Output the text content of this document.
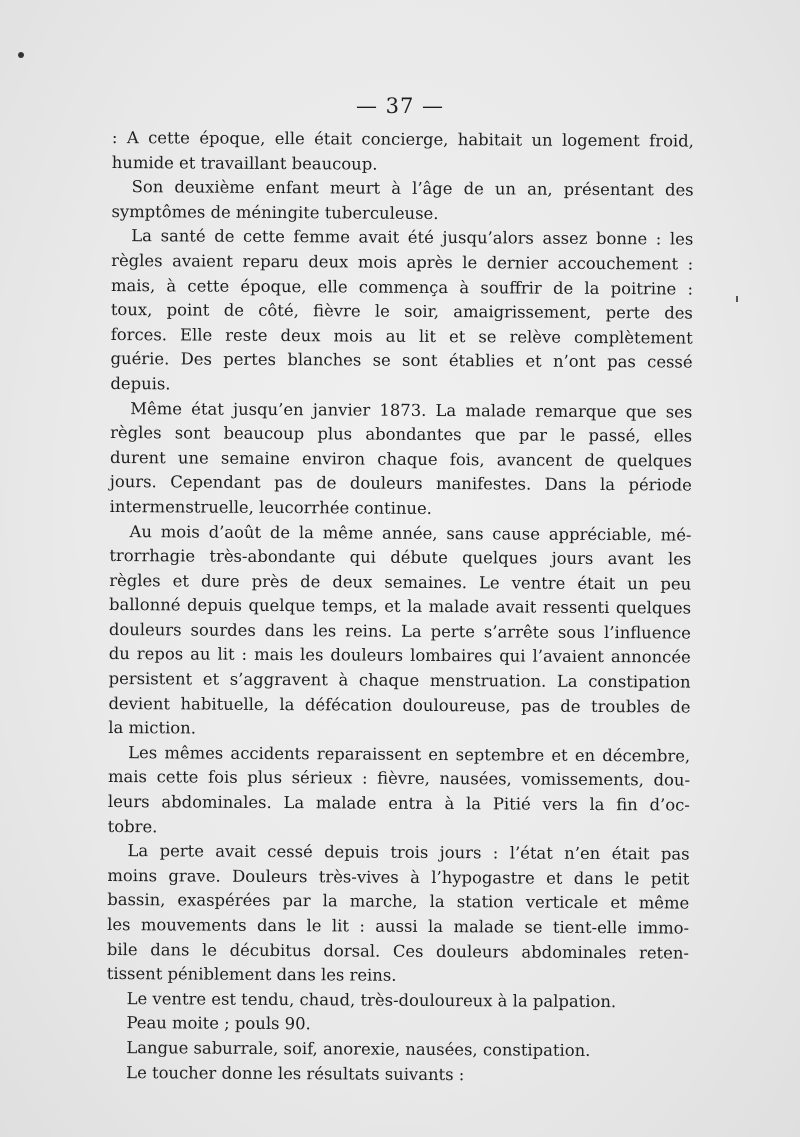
— 37 —
: A cette époque, elle était concierge, habitait un logement froid,
humide et travaillant beaucoup.
Son deuxième enfant meurt à l’âge de un an, présentant des
symptômes de méningite tuberculeuse.
La santé de cette femme avait été jusqu’alors assez bonne : les
règles avaient reparu deux mois après le dernier accouchement :
mais, à cette époque, elle commença à souffrir de la poitrine :
toux, point de côté, fièvre le soir, amaigrissement, perte des
forces. Elle reste deux mois au lit et se relève complètement
guérie. Des pertes blanches se sont établies et n’ont pas cessé
depuis.
Même état jusqu’en janvier 1873. La malade remarque que ses
règles sont beaucoup plus abondantes que par le passé, elles
durent une semaine environ chaque fois, avancent de quelques
jours. Cependant pas de douleurs manifestes. Dans la période
intermenstruelle, leucorrhée continue.
Au mois d’août de la même année, sans cause appréciable, mé-
trorrhagie très-abondante qui débute quelques jours avant les
règles et dure près de deux semaines. Le ventre était un peu
ballonné depuis quelque temps, et la malade avait ressenti quelques
douleurs sourdes dans les reins. La perte s’arrête sous l’influence
du repos au lit : mais les douleurs lombaires qui l’avaient annoncée
persistent et s’aggravent à chaque menstruation. La constipation
devient habituelle, la défécation douloureuse, pas de troubles de
la miction.
Les mêmes accidents reparaissent en septembre et en décembre,
mais cette fois plus sérieux : fièvre, nausées, vomissements, dou-
leurs abdominales. La malade entra à la Pitié vers la fin d’oc-
tobre.
La perte avait cessé depuis trois jours : l’état n’en était pas
moins grave. Douleurs très-vives à l’hypogastre et dans le petit
bassin, exaspérées par la marche, la station verticale et même
les mouvements dans le lit : aussi la malade se tient-elle immo-
bile dans le décubitus dorsal. Ces douleurs abdominales reten-
tissent péniblement dans les reins.
Le ventre est tendu, chaud, très-douloureux à la palpation.
Peau moite ; pouls 90.
Langue saburrale, soif, anorexie, nausées, constipation.
Le toucher donne les résultats suivants :
